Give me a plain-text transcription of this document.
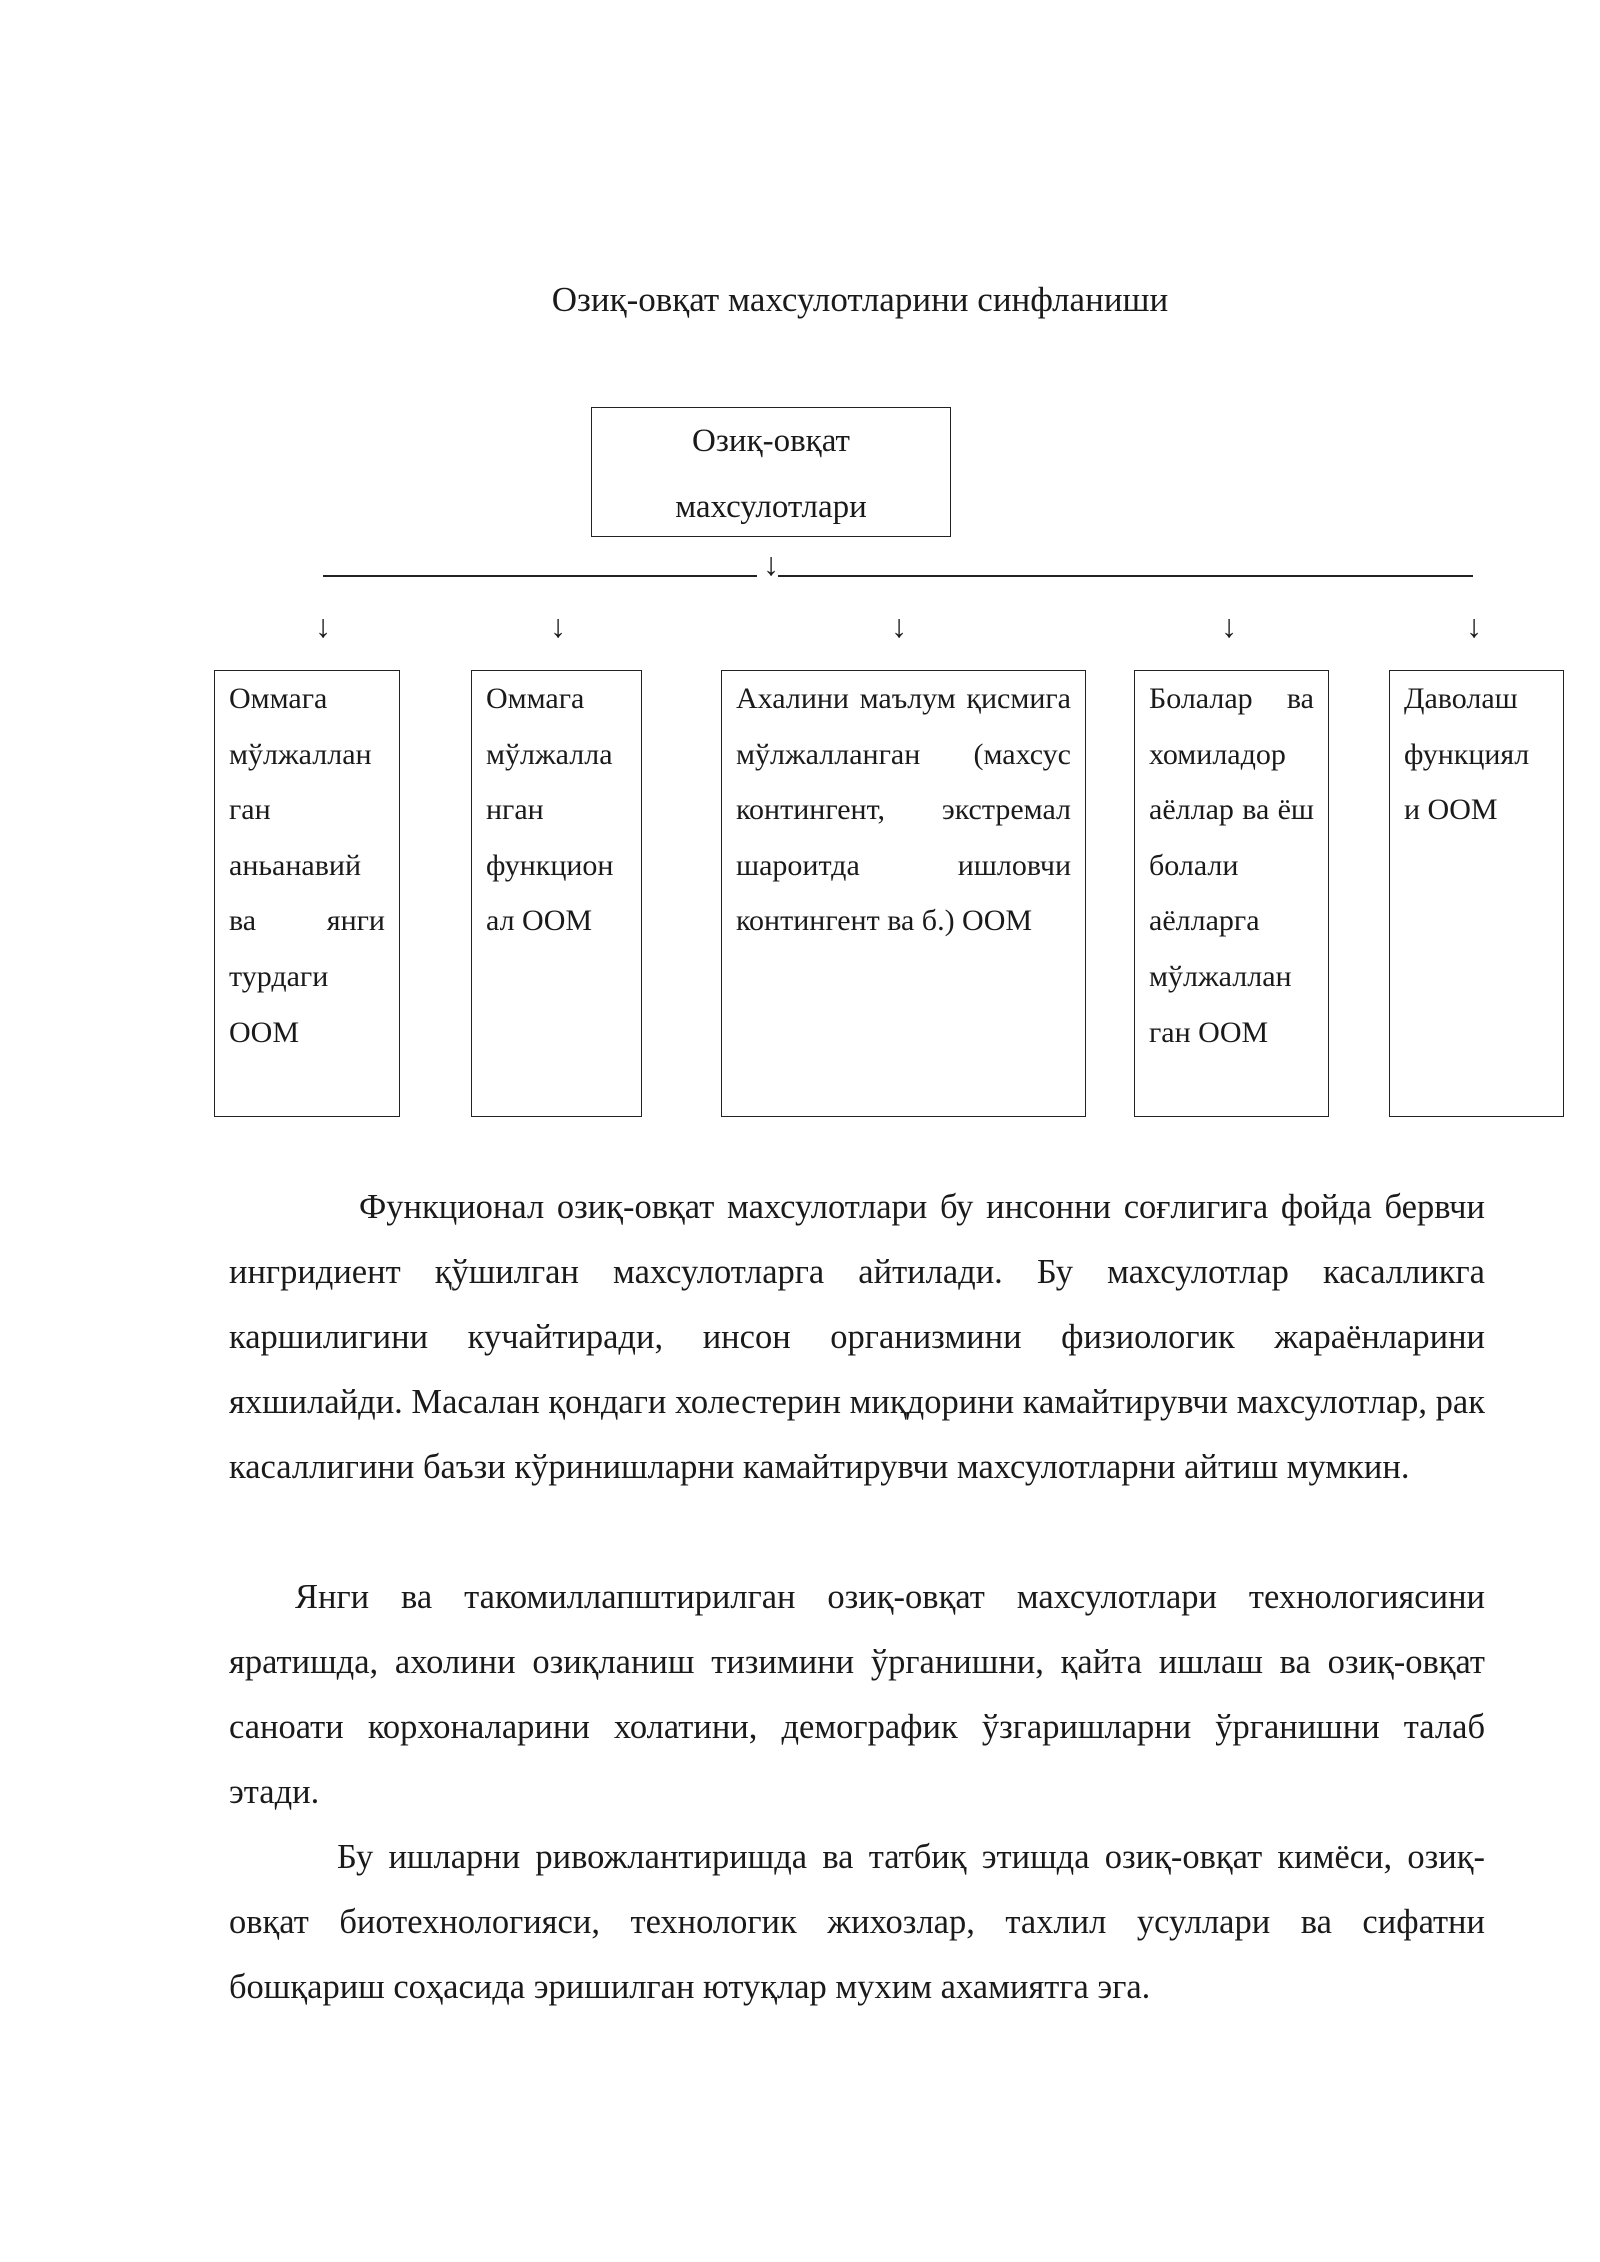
Озиқ-овқат махсулотларини синфланиши
Озиқ-овқат
махсулотлари
↓
↓	↓	↓	↓	↓
Оммага мўлжаллан ган аньанавий ва янги турдаги ООМ
Оммага мўлжалла нган функцион ал ООМ
Ахалини маълум қисмига мўлжалланган (махсус контингент, экстремал шароитда ишловчи контингент ва б.) ООМ
Болалар ва хомиладор аёллар ва ёш болали аёлларга мўлжаллан ган ООМ
Даволаш функциял и ООМ

Функционал озиқ-овқат махсулотлари бу инсонни соғлигига фойда бервчи ингридиент қўшилган махсулотларга айтилади. Бу махсулотлар касалликга каршилигини кучайтиради, инсон организмини физиологик жараёнларини яхшилайди. Масалан қондаги холестерин миқдорини камайтирувчи махсулотлар, рак касаллигини баъзи кўринишларни камайтирувчи махсулотларни айтиш мумкин.

Янги ва такомиллапштирилган озиқ-овқат махсулотлари технологиясини яратишда, ахолини озиқланиш тизимини ўрганишни, қайта ишлаш ва озиқ-овқат саноати корхоналарини холатини, демографик ўзгаришларни ўрганишни талаб этади.

Бу ишларни ривожлантиришда ва татбиқ этишда озиқ-овқат кимёси, озиқ-овқат биотехнологияси, технологик жихозлар, тахлил усуллари ва сифатни бошқариш соҳасида эришилган ютуқлар мухим ахамиятга эга.
